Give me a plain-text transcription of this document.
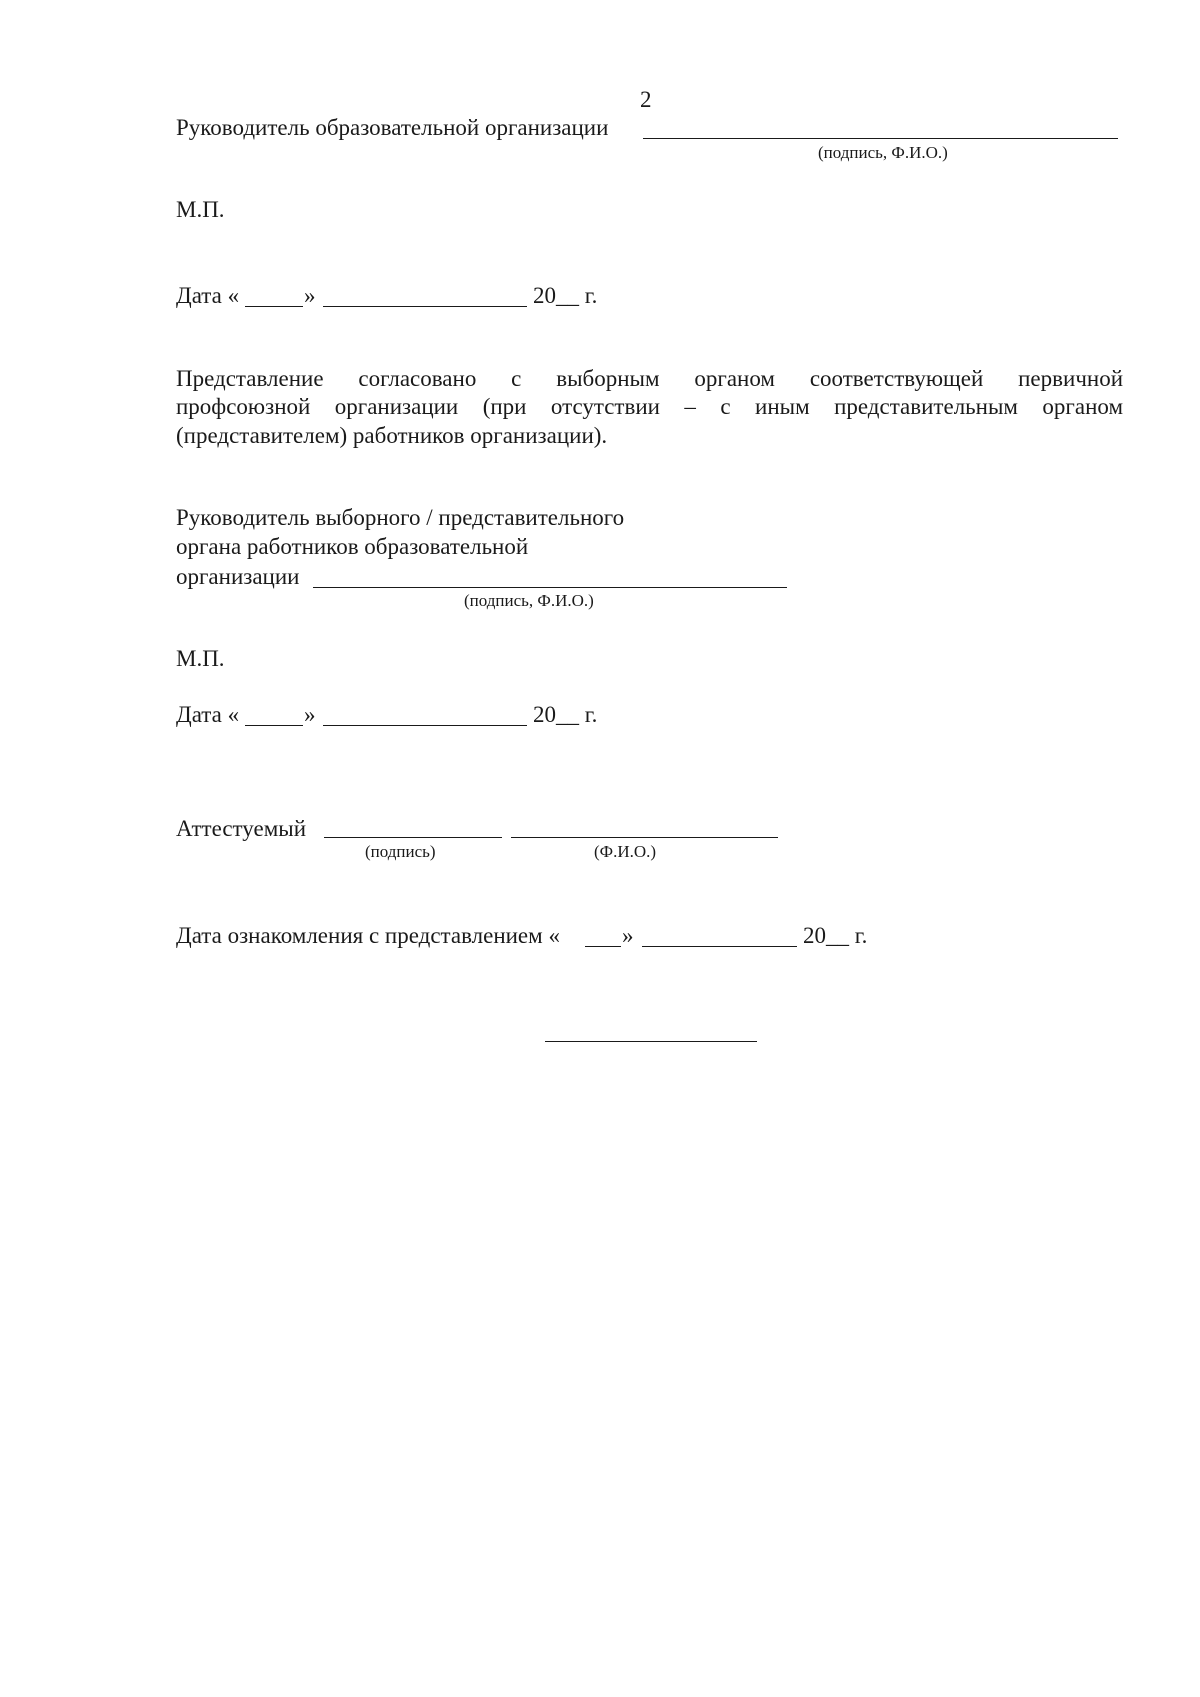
2
Руководитель образовательной организации
(подпись, Ф.И.О.)
М.П.
Дата «	»	20__ г.
Представление согласовано с выборным органом соответствующей первичной
профсоюзной организации (при отсутствии – с иным представительным органом
(представителем) работников организации).
Руководитель выборного / представительного
органа работников образовательной
организации
(подпись, Ф.И.О.)
М.П.
Дата «	»	20__ г.
Аттестуемый
(подпись)	(Ф.И.О.)
Дата ознакомления с представлением «	»	20__ г.
